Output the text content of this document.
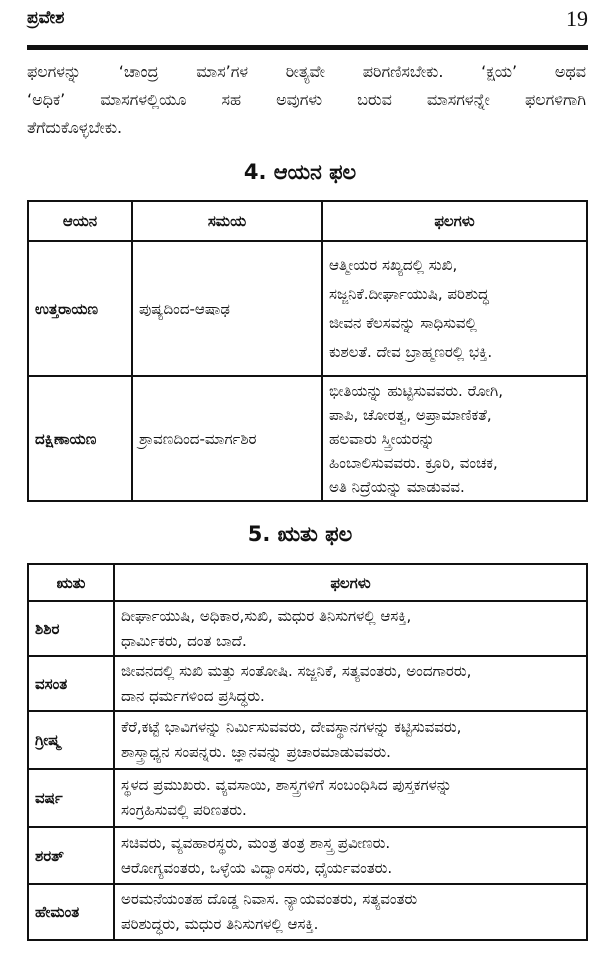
ಪ್ರವೇಶ	19
ಫಲಗಳನ್ನು ‘ಚಾಂದ್ರ ಮಾಸ’ಗಳ ರೀತ್ಯವೇ ಪರಿಗಣಿಸಬೇಕು. ‘ಕ್ಷಯ’ ಅಥವ
‘ಅಧಿಕ’ ಮಾಸಗಳಲ್ಲಿಯೂ ಸಹ ಅವುಗಳು ಬರುವ ಮಾಸಗಳನ್ನೇ ಫಲಗಳಿಗಾಗಿ
ತೆಗೆದುಕೊಳ್ಳಬೇಕು.
4. ಆಯನ ಫಲ
ಆಯನ	ಸಮಯ	ಫಲಗಳು
ಉತ್ತರಾಯಣ	ಪುಷ್ಯದಿಂದ-ಆಷಾಢ	ಆತ್ಮೀಯರ ಸಖ್ಯದಲ್ಲಿ ಸುಖಿ,
ಸಜ್ಜನಿಕೆ.ದೀರ್ಘಾಯುಷಿ, ಪರಿಶುದ್ಧ
ಜೀವನ ಕೆಲಸವನ್ನು ಸಾಧಿಸುವಲ್ಲಿ
ಕುಶಲತೆ. ದೇವ ಬ್ರಾಹ್ಮಣರಲ್ಲಿ ಭಕ್ತಿ.

ದಕ್ಷಿಣಾಯಣ	ಶ್ರಾವಣದಿಂದ-ಮಾರ್ಗಶಿರ	ಭೀತಿಯನ್ನು ಹುಟ್ಟಿಸುವವರು. ರೋಗಿ,
ಪಾಪಿ, ಚೋರತ್ವ, ಅಪ್ರಾಮಾಣಿಕತೆ,
ಹಲವಾರು ಸ್ತ್ರೀಯರನ್ನು
ಹಿಂಬಾಲಿಸುವವರು. ಕ್ರೂರಿ, ವಂಚಕ,
ಅತಿ ನಿದ್ರೆಯನ್ನು ಮಾಡುವವ.
5. ಋತು ಫಲ
ಋತು	ಫಲಗಳು
ಶಿಶಿರ	ದೀರ್ಘಾಯುಷಿ, ಅಧಿಕಾರ,ಸುಖಿ, ಮಧುರ ತಿನಿಸುಗಳಲ್ಲಿ ಆಸಕ್ತಿ,
ಧಾರ್ಮಿಕರು, ದಂತ ಬಾದೆ.

ವಸಂತ	ಜೀವನದಲ್ಲಿ ಸುಖಿ ಮತ್ತು ಸಂತೋಷಿ. ಸಜ್ಜನಿಕೆ, ಸತ್ಯವಂತರು, ಅಂದಗಾರರು,
ದಾನ ಧರ್ಮಗಳಿಂದ ಪ್ರಸಿದ್ಧರು.

ಗ್ರೀಷ್ಮ	ಕೆರೆ,ಕಟ್ಟೆ ಭಾವಿಗಳನ್ನು ನಿರ್ಮಿಸುವವರು, ದೇವಸ್ಥಾನಗಳನ್ನು ಕಟ್ಟಿಸುವವರು,
ಶಾಸ್ತ್ರಾಧ್ಯನ ಸಂಪನ್ನರು. ಜ್ಞಾನವನ್ನು ಪ್ರಚಾರಮಾಡುವವರು.

ವರ್ಷ	ಸ್ಥಳದ ಪ್ರಮುಖರು. ವ್ಯವಸಾಯಿ, ಶಾಸ್ತ್ರಗಳಿಗೆ ಸಂಬಂಧಿಸಿದ ಪುಸ್ತಕಗಳನ್ನು
ಸಂಗ್ರಹಿಸುವಲ್ಲಿ ಪರಿಣತರು.

ಶರತ್	ಸಚಿವರು, ವ್ಯವಹಾರಸ್ಥರು, ಮಂತ್ರ ತಂತ್ರ ಶಾಸ್ತ್ರ ಪ್ರವೀಣರು.
ಆರೋಗ್ಯವಂತರು, ಒಳ್ಳೆಯ ವಿದ್ವಾಂಸರು, ಧೈರ್ಯವಂತರು.

ಹೇಮಂತ	ಅರಮನೆಯಂತಹ ದೊಡ್ಡ ನಿವಾಸ. ನ್ಯಾಯವಂತರು, ಸತ್ಯವಂತರು
ಪರಿಶುದ್ಧರು, ಮಧುರ ತಿನಿಸುಗಳಲ್ಲಿ ಆಸಕ್ತಿ.
